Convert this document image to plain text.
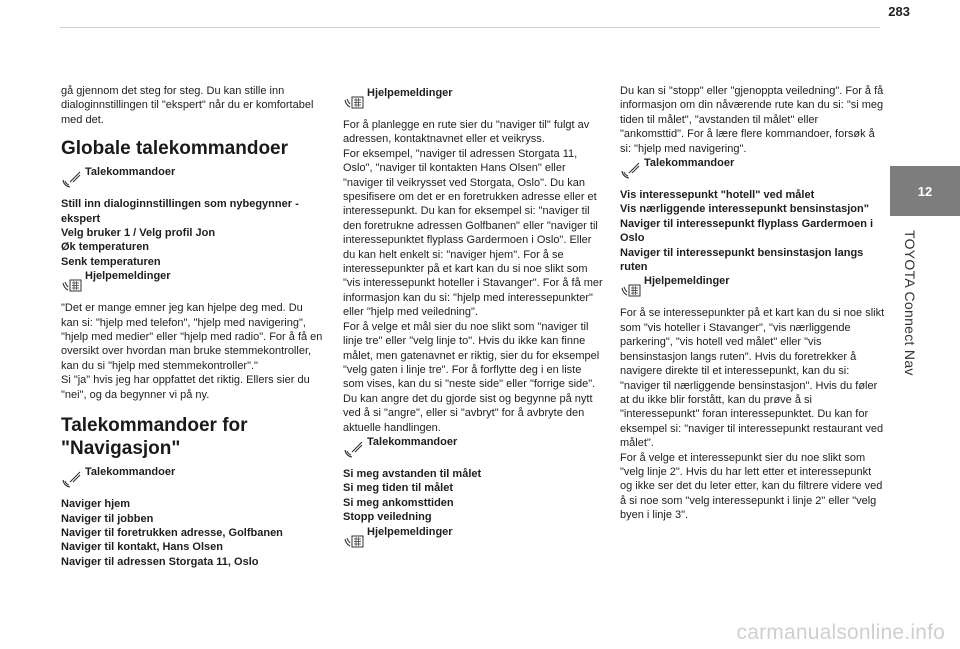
283
12
TOYOTA Connect Nav

gå gjennom det steg for steg. Du kan stille inn dialoginnstillingen til "ekspert" når du er komfortabel med det.

Globale talekommandoer
Talekommandoer

Still inn dialoginnstillingen som nybegynner - ekspert

Velg bruker 1 / Velg profil Jon

Øk temperaturen

Senk temperaturen

Hjelpemeldinger

"Det er mange emner jeg kan hjelpe deg med. Du kan si: "hjelp med telefon", "hjelp med navigering", "hjelp med medier" eller "hjelp med radio". For å få en oversikt over hvordan man bruke stemmekontroller, kan du si "hjelp med stemmekontroller"."

Si "ja" hvis jeg har oppfattet det riktig. Ellers sier du "nei", og da begynner vi på ny.

Talekommandoer for "Navigasjon"
Talekommandoer

Naviger hjem

Naviger til jobben

Naviger til foretrukken adresse, Golfbanen

Naviger til kontakt, Hans Olsen

Naviger til adressen Storgata 11, Oslo

Hjelpemeldinger

For å planlegge en rute sier du "naviger til" fulgt av adressen, kontaktnavnet eller et veikryss.

For eksempel, "naviger til adressen Storgata 11, Oslo", "naviger til kontakten Hans Olsen" eller "naviger til veikrysset ved Storgata, Oslo". Du kan spesifisere om det er en foretrukken adresse eller et interessepunkt. Du kan for eksempel si: "naviger til den foretrukne adressen Golfbanen" eller "naviger til interessepunktet flyplass Gardermoen i Oslo". Eller du kan helt enkelt si: "naviger hjem". For å se interessepunkter på et kart kan du si noe slikt som "vis interessepunkt hoteller i Stavanger". For å få mer informasjon kan du si: "hjelp med interessepunkter" eller "hjelp med veiledning".

For å velge et mål sier du noe slikt som "naviger til linje tre" eller "velg linje to". Hvis du ikke kan finne målet, men gatenavnet er riktig, sier du for eksempel "velg gaten i linje tre". For å forflytte deg i en liste som vises, kan du si "neste side" eller "forrige side". Du kan angre det du gjorde sist og begynne på nytt ved å si "angre", eller si "avbryt" for å avbryte den aktuelle handlingen.

Talekommandoer

Si meg avstanden til målet

Si meg tiden til målet

Si meg ankomsttiden

Stopp veiledning

Hjelpemeldinger

Du kan si "stopp" eller "gjenoppta veiledning". For å få informasjon om din nåværende rute kan du si: "si meg tiden til målet", "avstanden til målet" eller "ankomsttid". For å lære flere kommandoer, forsøk å si: "hjelp med navigering".

Talekommandoer

Vis interessepunkt "hotell" ved målet

Vis nærliggende interessepunkt bensinstasjon"

Naviger til interessepunkt flyplass Gardermoen i Oslo

Naviger til interessepunkt bensinstasjon langs ruten

Hjelpemeldinger

For å se interessepunkter på et kart kan du si noe slikt som "vis hoteller i Stavanger", "vis nærliggende parkering", "vis hotell ved målet" eller "vis bensinstasjon langs ruten". Hvis du foretrekker å navigere direkte til et interessepunkt, kan du si: "naviger til nærliggende bensinstasjon". Hvis du føler at du ikke blir forstått, kan du prøve å si "interessepunkt" foran interessepunktet. Du kan for eksempel si: "naviger til interessepunkt restaurant ved målet".

For å velge et interessepunkt sier du noe slikt som "velg linje 2". Hvis du har lett etter et interessepunkt og ikke ser det du leter etter, kan du filtrere videre ved å si noe som "velg interessepunkt i linje 2" eller "velg byen i linje 3".

carmanualsonline.info
